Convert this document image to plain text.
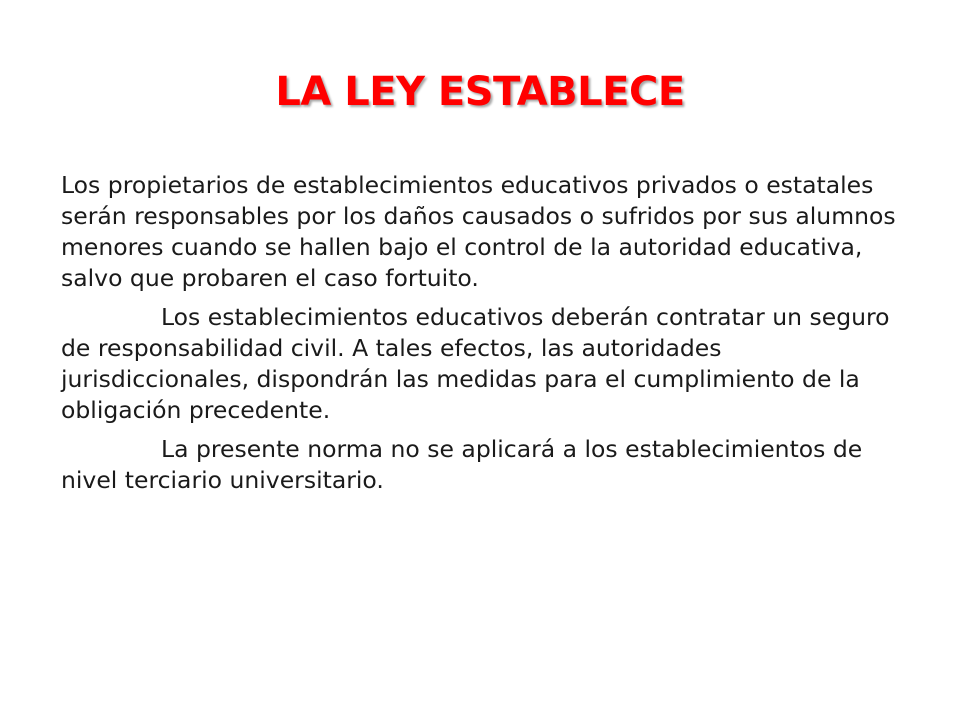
LA LEY ESTABLECE

Los propietarios de establecimientos educativos privados o estatales serán responsables por los daños causados o sufridos por sus alumnos menores cuando se hallen bajo el control de la autoridad educativa, salvo que probaren el caso fortuito.

Los establecimientos educativos deberán contratar un seguro de responsabilidad civil. A tales efectos, las autoridades jurisdiccionales, dispondrán las medidas para el cumplimiento de la obligación precedente.

La presente norma no se aplicará a los establecimientos de nivel terciario universitario.
